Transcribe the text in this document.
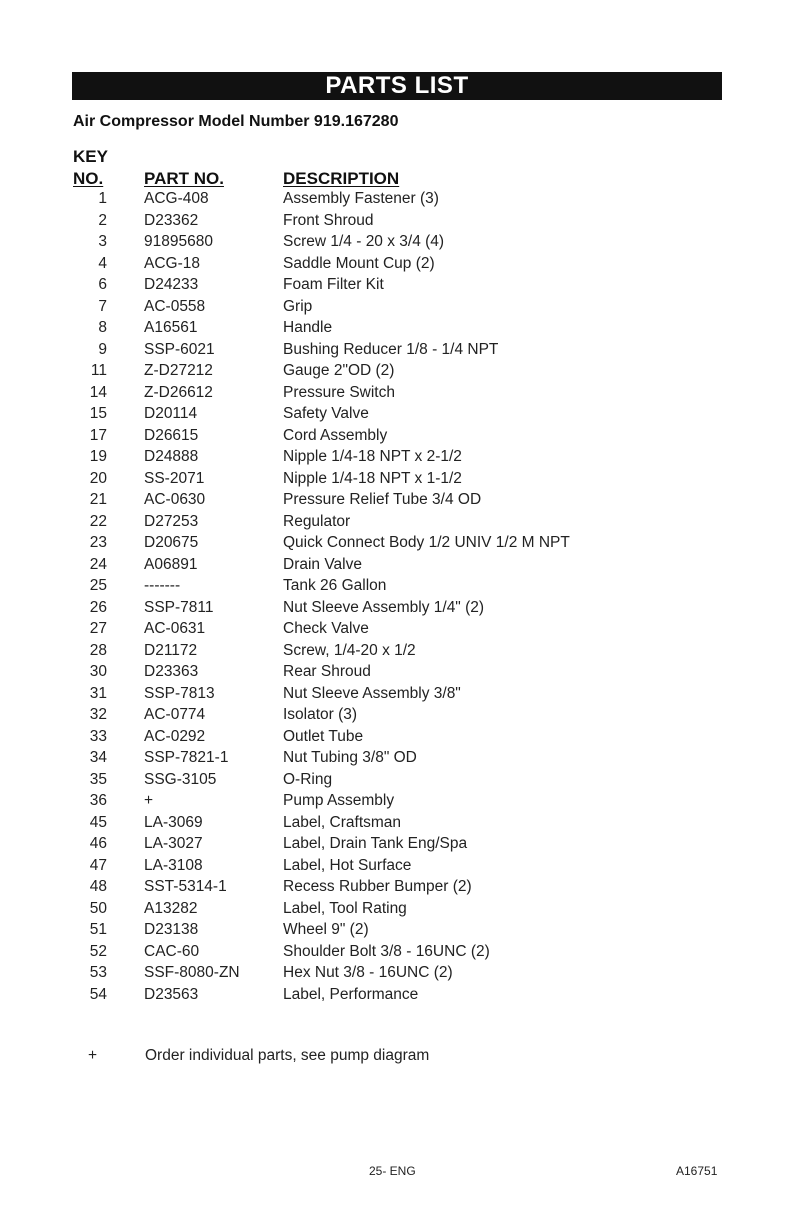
PARTS LIST
Air Compressor Model Number 919.167280
KEY
NO. PART NO.	DESCRIPTION
1 ACG-408	Assembly Fastener (3)
2 D23362	Front Shroud
3 91895680	Screw 1/4 - 20 x 3/4 (4)
4 ACG-18	Saddle Mount Cup (2)
6 D24233	Foam Filter Kit
7 AC-0558	Grip
8 A16561	Handle
9 SSP-6021	Bushing Reducer 1/8 - 1/4 NPT
11 Z-D27212	Gauge 2"OD (2)
14 Z-D26612	Pressure Switch
15 D20114	Safety Valve
17 D26615	Cord Assembly
19 D24888	Nipple 1/4-18 NPT x 2-1/2
20 SS-2071	Nipple 1/4-18 NPT x 1-1/2
21 AC-0630	Pressure Relief Tube 3/4 OD
22 D27253	Regulator
23 D20675	Quick Connect Body 1/2 UNIV 1/2 M NPT
24 A06891	Drain Valve
25 -------	Tank 26 Gallon
26 SSP-7811	Nut Sleeve Assembly 1/4" (2)
27 AC-0631	Check Valve
28 D21172	Screw, 1/4-20 x 1/2
30 D23363	Rear Shroud
31 SSP-7813	Nut Sleeve Assembly 3/8"
32 AC-0774	Isolator (3)
33 AC-0292	Outlet Tube
34 SSP-7821-1	Nut Tubing 3/8" OD
35 SSG-3105	O-Ring
36 +	Pump Assembly
45 LA-3069	Label, Craftsman
46 LA-3027	Label, Drain Tank Eng/Spa
47 LA-3108	Label, Hot Surface
48 SST-5314-1	Recess Rubber Bumper (2)
50 A13282	Label, Tool Rating
51 D23138	Wheel 9" (2)
52 CAC-60	Shoulder Bolt 3/8 - 16UNC (2)
53 SSF-8080-ZN	Hex Nut 3/8 - 16UNC (2)
54 D23563	Label, Performance
+	Order individual parts, see pump diagram
25- ENG	A16751
